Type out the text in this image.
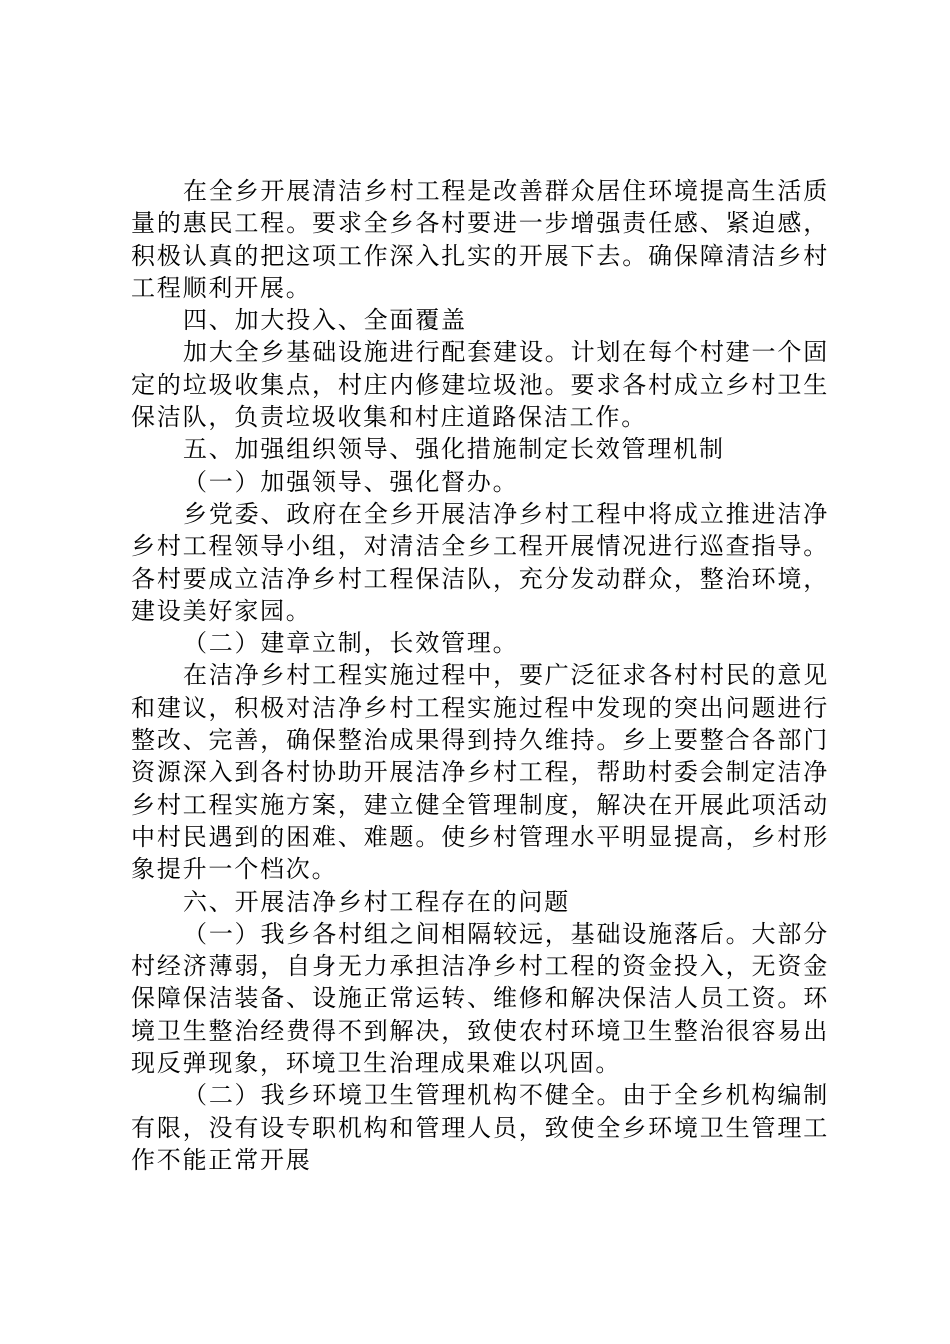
在全乡开展清洁乡村工程是改善群众居住环境提高生活质量的惠民工程。要求全乡各村要进一步增强责任感、紧迫感，积极认真的把这项工作深入扎实的开展下去。确保障清洁乡村工程顺利开展。

四、加大投入、全面覆盖

加大全乡基础设施进行配套建设。计划在每个村建一个固定的垃圾收集点，村庄内修建垃圾池。要求各村成立乡村卫生保洁队，负责垃圾收集和村庄道路保洁工作。

五、加强组织领导、强化措施制定长效管理机制

（一）加强领导、强化督办。

乡党委、政府在全乡开展洁净乡村工程中将成立推进洁净乡村工程领导小组，对清洁全乡工程开展情况进行巡查指导。各村要成立洁净乡村工程保洁队，充分发动群众，整治环境，建设美好家园。

（二）建章立制，长效管理。

在洁净乡村工程实施过程中，要广泛征求各村村民的意见和建议，积极对洁净乡村工程实施过程中发现的突出问题进行整改、完善，确保整治成果得到持久维持。乡上要整合各部门资源深入到各村协助开展洁净乡村工程，帮助村委会制定洁净乡村工程实施方案，建立健全管理制度，解决在开展此项活动中村民遇到的困难、难题。使乡村管理水平明显提高，乡村形象提升一个档次。

六、开展洁净乡村工程存在的问题

（一）我乡各村组之间相隔较远，基础设施落后。大部分村经济薄弱，自身无力承担洁净乡村工程的资金投入，无资金保障保洁装备、设施正常运转、维修和解决保洁人员工资。环境卫生整治经费得不到解决，致使农村环境卫生整治很容易出现反弹现象，环境卫生治理成果难以巩固。

（二）我乡环境卫生管理机构不健全。由于全乡机构编制有限，没有设专职机构和管理人员，致使全乡环境卫生管理工作不能正常开展
